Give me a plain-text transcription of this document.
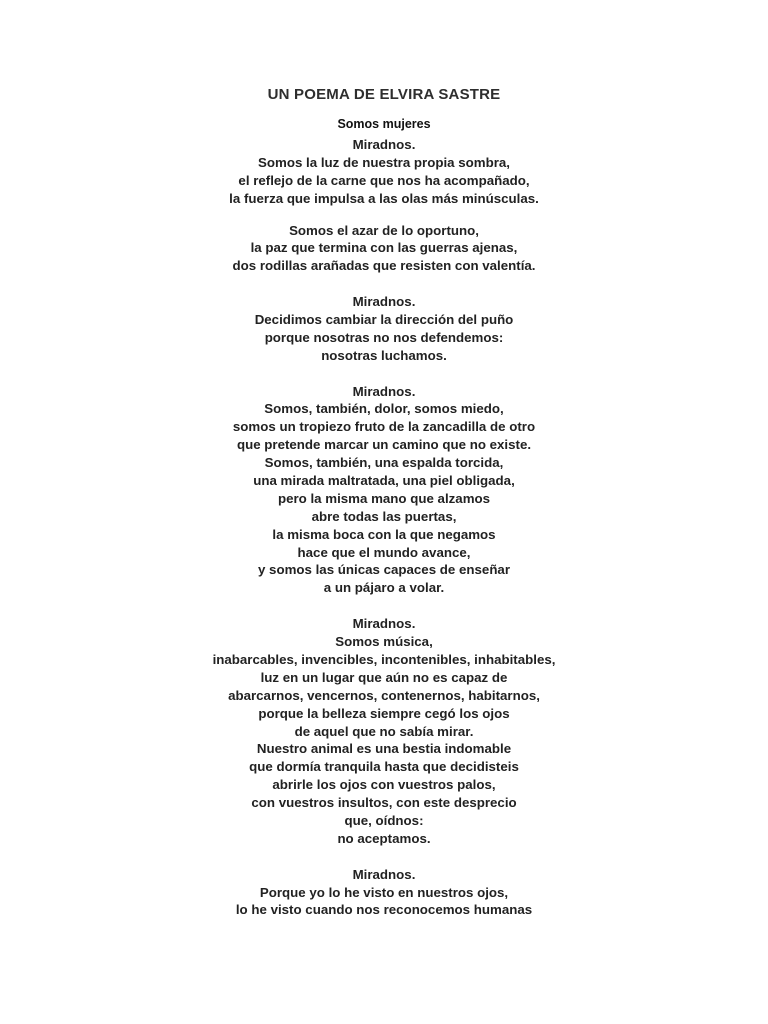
UN POEMA DE ELVIRA SASTRE
Somos mujeres
Miradnos.
Somos la luz de nuestra propia sombra,
el reflejo de la carne que nos ha acompañado,
la fuerza que impulsa a las olas más minúsculas.
Somos el azar de lo oportuno,
la paz que termina con las guerras ajenas,
dos rodillas arañadas que resisten con valentía.
Miradnos.
Decidimos cambiar la dirección del puño
porque nosotras no nos defendemos:
nosotras luchamos.
Miradnos.
Somos, también, dolor, somos miedo,
somos un tropiezo fruto de la zancadilla de otro
que pretende marcar un camino que no existe.
Somos, también, una espalda torcida,
una mirada maltratada, una piel obligada,
pero la misma mano que alzamos
abre todas las puertas,
la misma boca con la que negamos
hace que el mundo avance,
y somos las únicas capaces de enseñar
a un pájaro a volar.
Miradnos.
Somos música,
inabarcables, invencibles, incontenibles, inhabitables,
luz en un lugar que aún no es capaz de
abarcarnos, vencernos, contenernos, habitarnos,
porque la belleza siempre cegó los ojos
de aquel que no sabía mirar.
Nuestro animal es una bestia indomable
que dormía tranquila hasta que decidisteis
abrirle los ojos con vuestros palos,
con vuestros insultos, con este desprecio
que, oídnos:
no aceptamos.
Miradnos.
Porque yo lo he visto en nuestros ojos,
lo he visto cuando nos reconocemos humanas
